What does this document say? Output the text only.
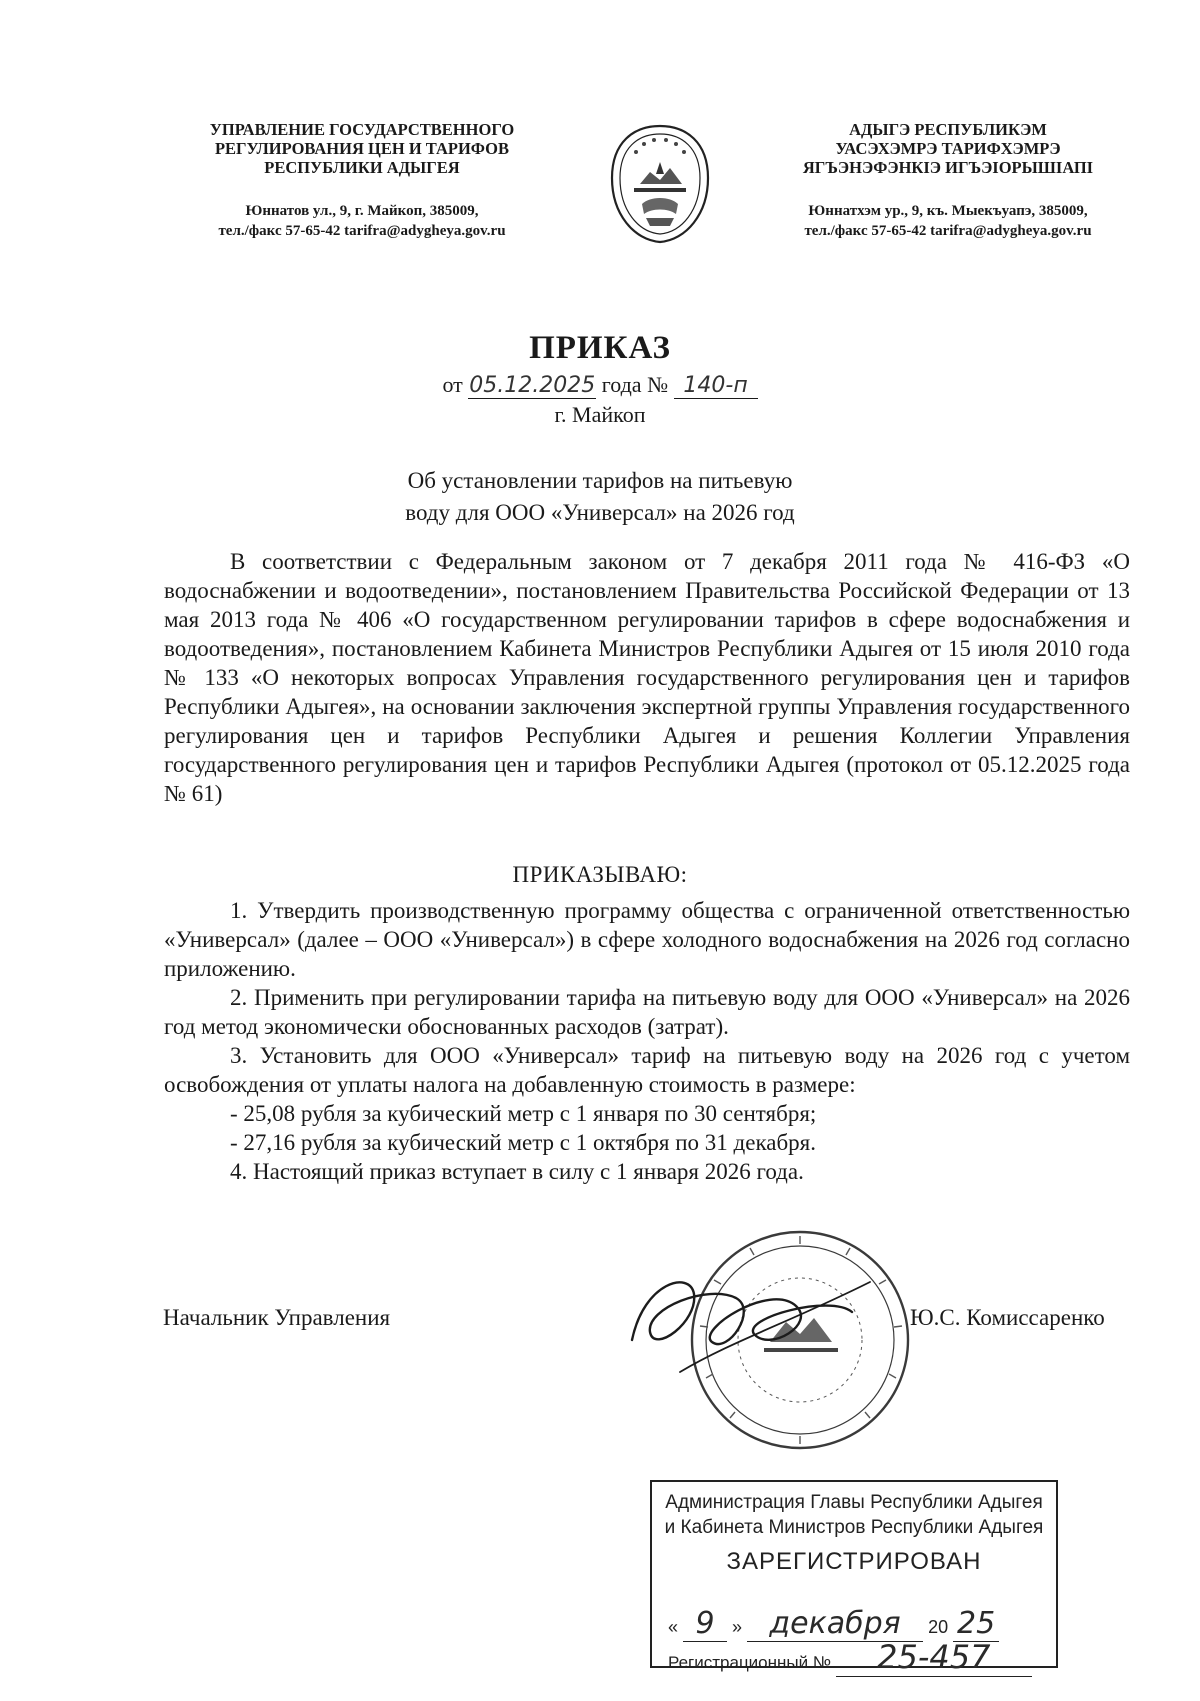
УПРАВЛЕНИЕ ГОСУДАРСТВЕННОГО
РЕГУЛИРОВАНИЯ ЦЕН И ТАРИФОВ
РЕСПУБЛИКИ АДЫГЕЯ
Юннатов ул., 9, г. Майкоп, 385009,
тел./факс 57-65-42 tarifra@adygheya.gov.ru
АДЫГЭ РЕСПУБЛИКЭМ
УАСЭХЭМРЭ ТАРИФХЭМРЭ
ЯГЪЭНЭФЭНКIЭ ИГЪЭIОРЫШIАПI
Юннатхэм ур., 9, къ. Мыекъуапэ, 385009,
тел./факс 57-65-42 tarifra@adygheya.gov.ru
ПРИКАЗ
от 05.12.2025 года № 140-п
г. Майкоп
Об установлении тарифов на питьевую
воду для ООО «Универсал» на 2026 год
В соответствии с Федеральным законом от 7 декабря 2011 года № 416-ФЗ «О водоснабжении и водоотведении», постановлением Правительства Российской Федерации от 13 мая 2013 года № 406 «О государственном регулировании тарифов в сфере водоснабжения и водоотведения», постановлением Кабинета Министров Республики Адыгея от 15 июля 2010 года № 133 «О некоторых вопросах Управления государственного регулирования цен и тарифов Республики Адыгея», на основании заключения экспертной группы Управления государственного регулирования цен и тарифов Республики Адыгея и решения Коллегии Управления государственного регулирования цен и тарифов Республики Адыгея (протокол от 05.12.2025 года № 61)
ПРИКАЗЫВАЮ:

1. Утвердить производственную программу общества с ограниченной ответственностью «Универсал» (далее – ООО «Универсал») в сфере холодного водоснабжения на 2026 год согласно приложению.

2. Применить при регулировании тарифа на питьевую воду для ООО «Универсал» на 2026 год метод экономически обоснованных расходов (затрат).

3. Установить для ООО «Универсал» тариф на питьевую воду на 2026 год с учетом освобождения от уплаты налога на добавленную стоимость в размере:

- 25,08 рубля за кубический метр с 1 января по 30 сентября;

- 27,16 рубля за кубический метр с 1 октября по 31 декабря.

4. Настоящий приказ вступает в силу с 1 января 2026 года.

Начальник Управления	Ю.С. Комиссаренко
Администрация Главы Республики Адыгея
и Кабинета Министров Республики Адыгея
ЗАРЕГИСТРИРОВАН
« 9 » декабря 20 25
Регистрационный № 25-457
